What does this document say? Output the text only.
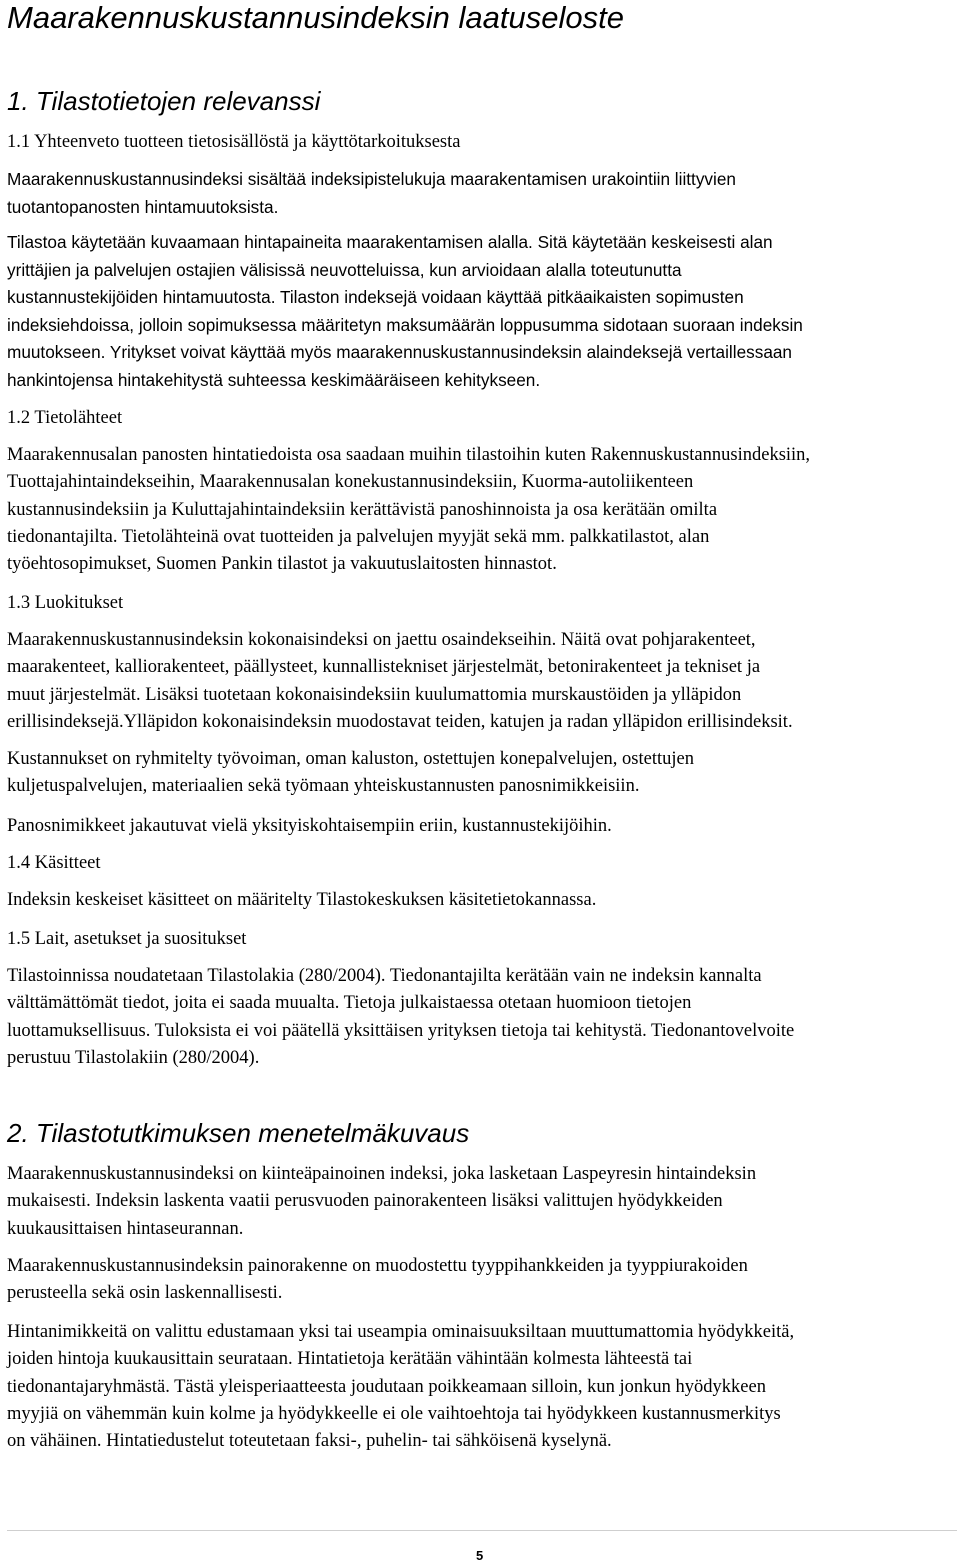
Maarakennuskustannusindeksin laatuseloste
1. Tilastotietojen relevanssi
1.1 Yhteenveto tuotteen tietosisällöstä ja käyttötarkoituksesta
Maarakennuskustannusindeksi sisältää indeksipistelukuja maarakentamisen urakointiin liittyvien
tuotantopanosten hintamuutoksista.
Tilastoa käytetään kuvaamaan hintapaineita maarakentamisen alalla. Sitä käytetään keskeisesti alan
yrittäjien ja palvelujen ostajien välisissä neuvotteluissa, kun arvioidaan alalla toteutunutta
kustannustekijöiden hintamuutosta. Tilaston indeksejä voidaan käyttää pitkäaikaisten sopimusten
indeksiehdoissa, jolloin sopimuksessa määritetyn maksumäärän loppusumma sidotaan suoraan indeksin
muutokseen. Yritykset voivat käyttää myös maarakennuskustannusindeksin alaindeksejä vertaillessaan
hankintojensa hintakehitystä suhteessa keskimääräiseen kehitykseen.
1.2 Tietolähteet
Maarakennusalan panosten hintatiedoista osa saadaan muihin tilastoihin kuten Rakennuskustannusindeksiin,
Tuottajahintaindekseihin, Maarakennusalan konekustannusindeksiin, Kuorma-autoliikenteen
kustannusindeksiin ja Kuluttajahintaindeksiin kerättävistä panoshinnoista ja osa kerätään omilta
tiedonantajilta. Tietolähteinä ovat tuotteiden ja palvelujen myyjät sekä mm. palkkatilastot, alan
työehtosopimukset, Suomen Pankin tilastot ja vakuutuslaitosten hinnastot.
1.3 Luokitukset
Maarakennuskustannusindeksin kokonaisindeksi on jaettu osaindekseihin. Näitä ovat pohjarakenteet,
maarakenteet, kalliorakenteet, päällysteet, kunnallistekniset järjestelmät, betonirakenteet ja tekniset ja
muut järjestelmät. Lisäksi tuotetaan kokonaisindeksiin kuulumattomia murskaustöiden ja ylläpidon
erillisindeksejä.Ylläpidon kokonaisindeksin muodostavat teiden, katujen ja radan ylläpidon erillisindeksit.
Kustannukset on ryhmitelty työvoiman, oman kaluston, ostettujen konepalvelujen, ostettujen
kuljetuspalvelujen, materiaalien sekä työmaan yhteiskustannusten panosnimikkeisiin.
Panosnimikkeet jakautuvat vielä yksityiskohtaisempiin eriin, kustannustekijöihin.
1.4 Käsitteet
Indeksin keskeiset käsitteet on määritelty Tilastokeskuksen käsitetietokannassa.
1.5 Lait, asetukset ja suositukset
Tilastoinnissa noudatetaan Tilastolakia (280/2004). Tiedonantajilta kerätään vain ne indeksin kannalta
välttämättömät tiedot, joita ei saada muualta. Tietoja julkaistaessa otetaan huomioon tietojen
luottamuksellisuus. Tuloksista ei voi päätellä yksittäisen yrityksen tietoja tai kehitystä. Tiedonantovelvoite
perustuu Tilastolakiin (280/2004).
2. Tilastotutkimuksen menetelmäkuvaus
Maarakennuskustannusindeksi on kiinteäpainoinen indeksi, joka lasketaan Laspeyresin hintaindeksin
mukaisesti. Indeksin laskenta vaatii perusvuoden painorakenteen lisäksi valittujen hyödykkeiden
kuukausittaisen hintaseurannan.
Maarakennuskustannusindeksin painorakenne on muodostettu tyyppihankkeiden ja tyyppiurakoiden
perusteella sekä osin laskennallisesti.
Hintanimikkeitä on valittu edustamaan yksi tai useampia ominaisuuksiltaan muuttumattomia hyödykkeitä,
joiden hintoja kuukausittain seurataan. Hintatietoja kerätään vähintään kolmesta lähteestä tai
tiedonantajaryhmästä. Tästä yleisperiaatteesta joudutaan poikkeamaan silloin, kun jonkun hyödykkeen
myyjiä on vähemmän kuin kolme ja hyödykkeelle ei ole vaihtoehtoja tai hyödykkeen kustannusmerkitys
on vähäinen. Hintatiedustelut toteutetaan faksi-, puhelin- tai sähköisenä kyselynä.
5
